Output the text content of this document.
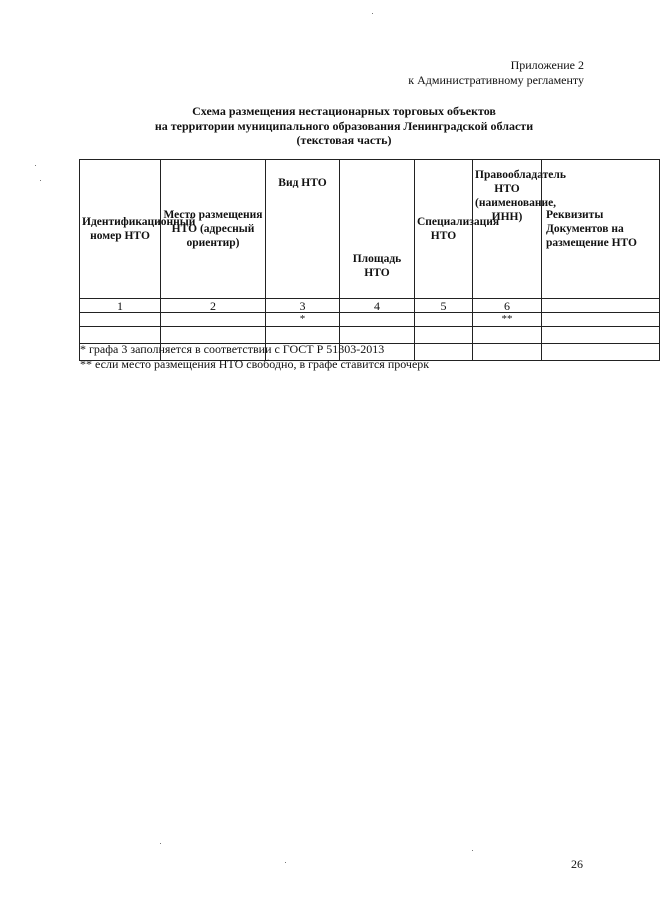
Приложение 2
к Административному регламенту
Схема размещения нестационарных торговых объектов
на территории муниципального образования Ленинградской области
(текстовая часть)
Идентификационный номер НТО	Место размещения НТО (адресный ориентир)	Вид НТО	Площадь НТО	Специализация НТО	Правообладатель НТО (наименование, ИНН)	Реквизиты Документов на размещение НТО
1	2	3	4	5	6	
		*			**	

* графа 3 заполняется в соответствии с ГОСТ Р 51303-2013
** если место размещения НТО свободно, в графе ставится прочерк
26
